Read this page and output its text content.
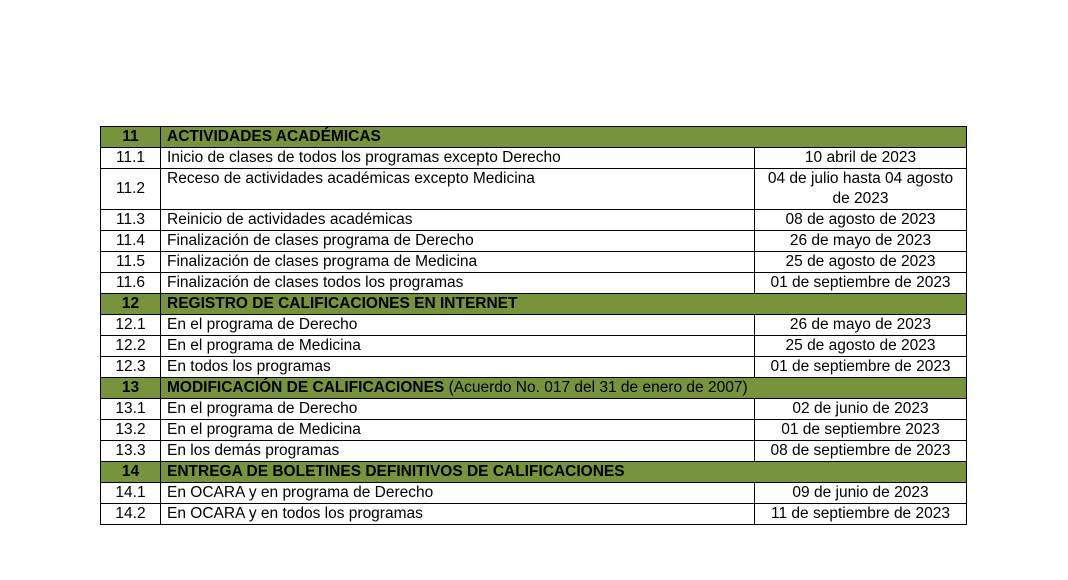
11	ACTIVIDADES ACADÉMICAS	
11.1	Inicio de clases de todos los programas excepto Derecho	10 abril de 2023
11.2	Receso de actividades académicas excepto Medicina	04 de julio hasta 04 agosto de 2023
11.3	Reinicio de actividades académicas	08 de agosto de 2023
11.4	Finalización de clases programa de Derecho	26 de mayo de 2023
11.5	Finalización de clases programa de Medicina	25 de agosto de 2023
11.6	Finalización de clases todos los programas	01 de septiembre de 2023
12	REGISTRO DE CALIFICACIONES EN INTERNET	
12.1	En el programa de Derecho	26 de mayo de 2023
12.2	En el programa de Medicina	25 de agosto de 2023
12.3	En todos los programas	01 de septiembre de 2023
13	MODIFICACIÓN DE CALIFICACIONES (Acuerdo No. 017 del 31 de enero de 2007)	
13.1	En el programa de Derecho	02 de junio de 2023
13.2	En el programa de Medicina	01 de septiembre 2023
13.3	En los demás programas	08 de septiembre de 2023
14	ENTREGA DE BOLETINES DEFINITIVOS DE CALIFICACIONES	
14.1	En OCARA y en programa de Derecho	09 de junio de 2023
14.2	En OCARA y en todos los programas	11 de septiembre de 2023
